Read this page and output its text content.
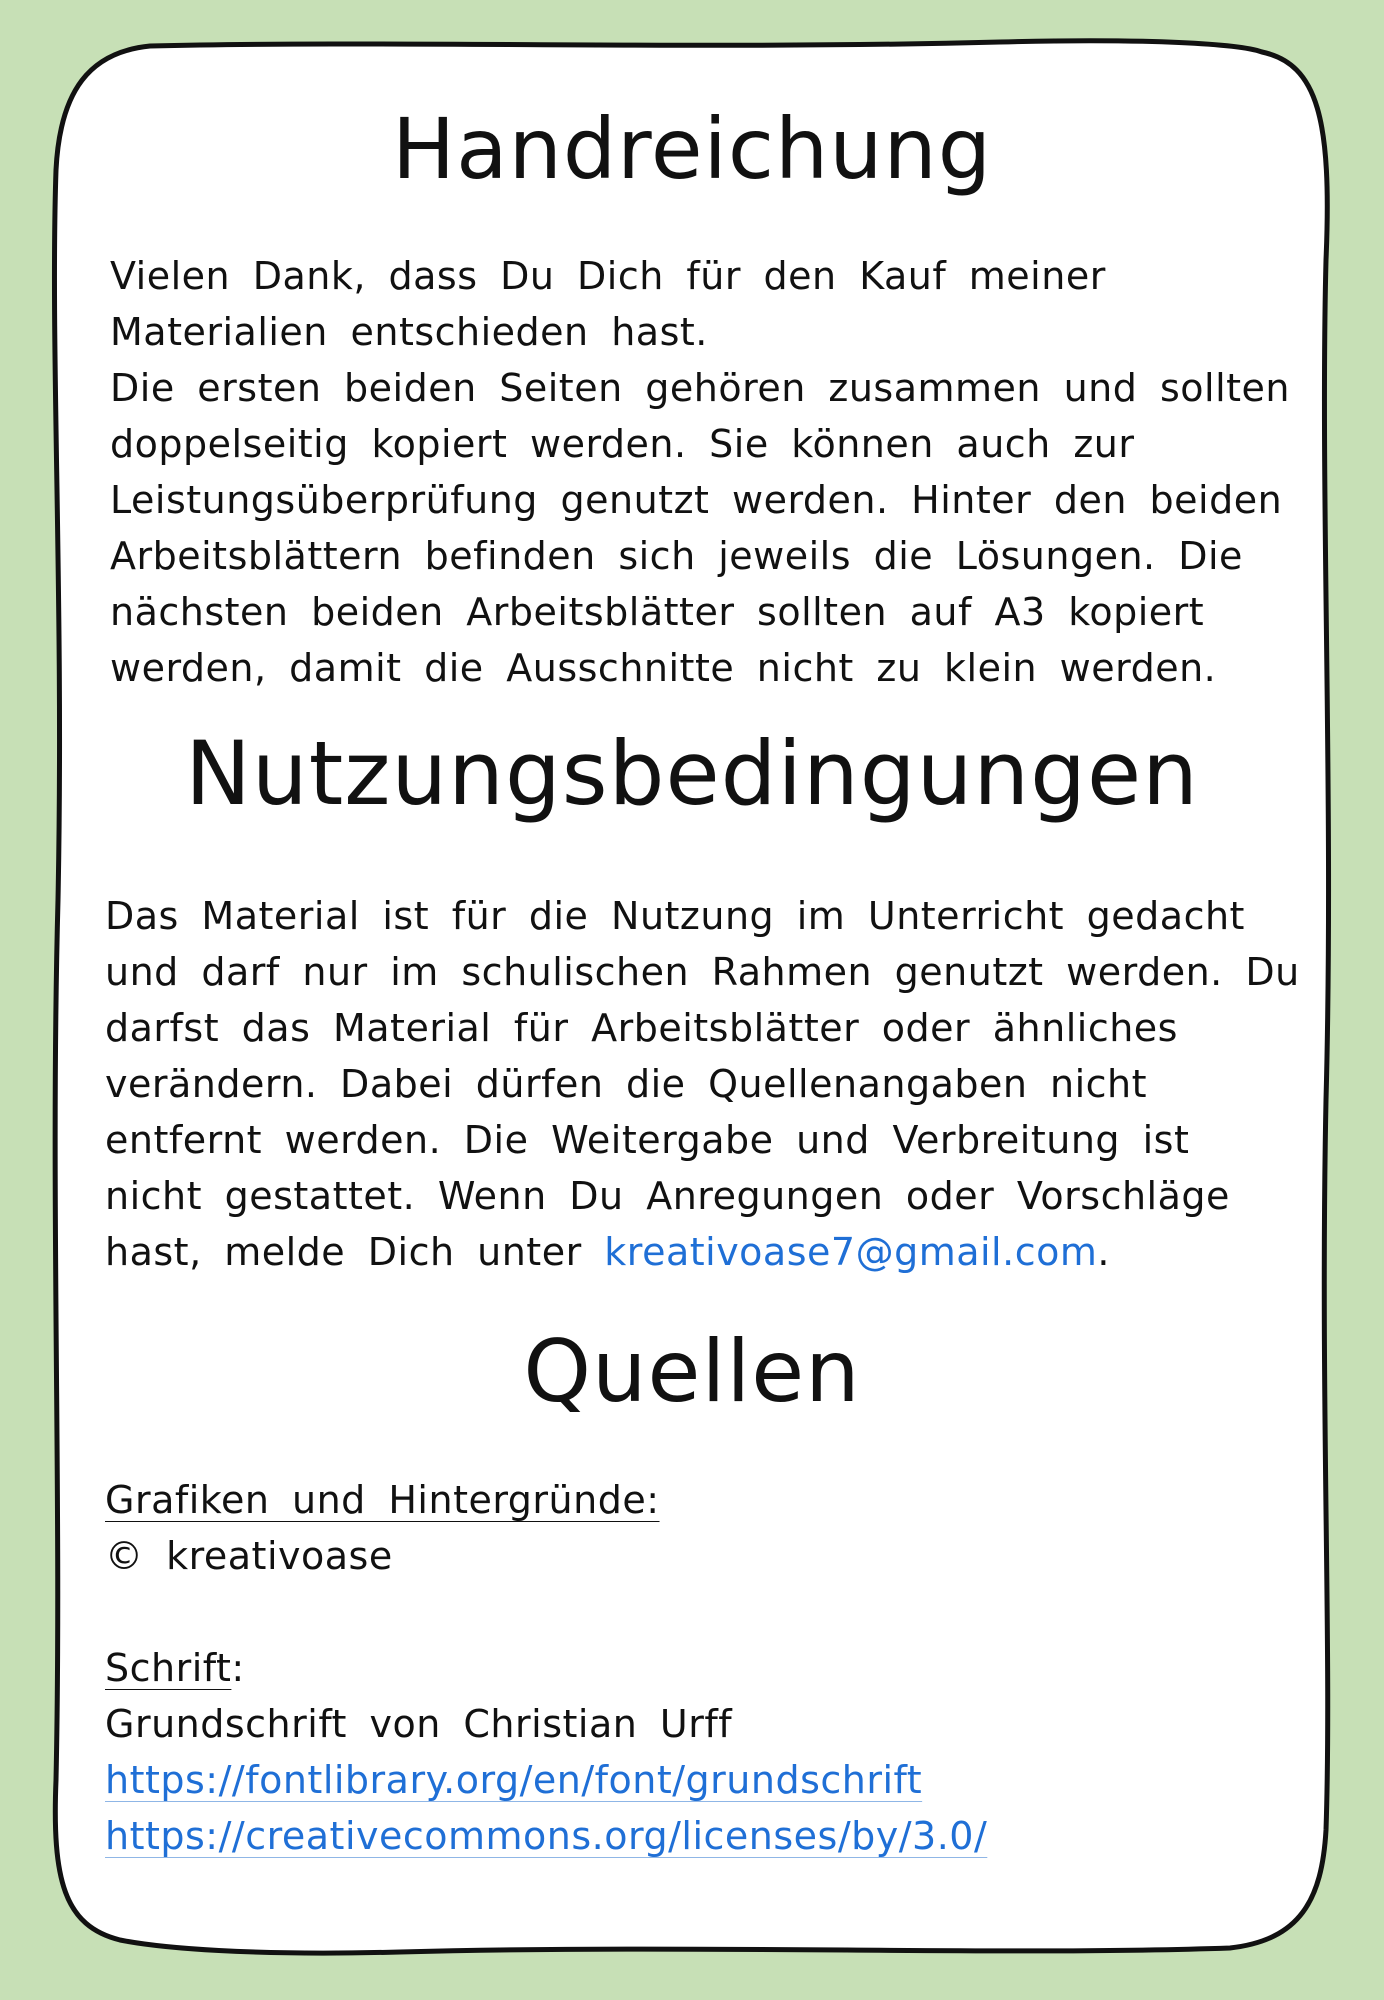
Handreichung

Vielen Dank, dass Du Dich für den Kauf meiner
Materialien entschieden hast.
Die ersten beiden Seiten gehören zusammen und sollten
doppelseitig kopiert werden. Sie können auch zur
Leistungsüberprüfung genutzt werden. Hinter den beiden
Arbeitsblättern befinden sich jeweils die Lösungen. Die
nächsten beiden Arbeitsblätter sollten auf A3 kopiert
werden, damit die Ausschnitte nicht zu klein werden.

Nutzungsbedingungen

Das Material ist für die Nutzung im Unterricht gedacht
und darf nur im schulischen Rahmen genutzt werden. Du
darfst das Material für Arbeitsblätter oder ähnliches
verändern. Dabei dürfen die Quellenangaben nicht
entfernt werden. Die Weitergabe und Verbreitung ist
nicht gestattet. Wenn Du Anregungen oder Vorschläge
hast, melde Dich unter kreativoase7@gmail.com.

Quellen

Grafiken und Hintergründe:
© kreativoase
Schrift:
Grundschrift von Christian Urff
https://fontlibrary.org/en/font/grundschrift
https://creativecommons.org/licenses/by/3.0/
